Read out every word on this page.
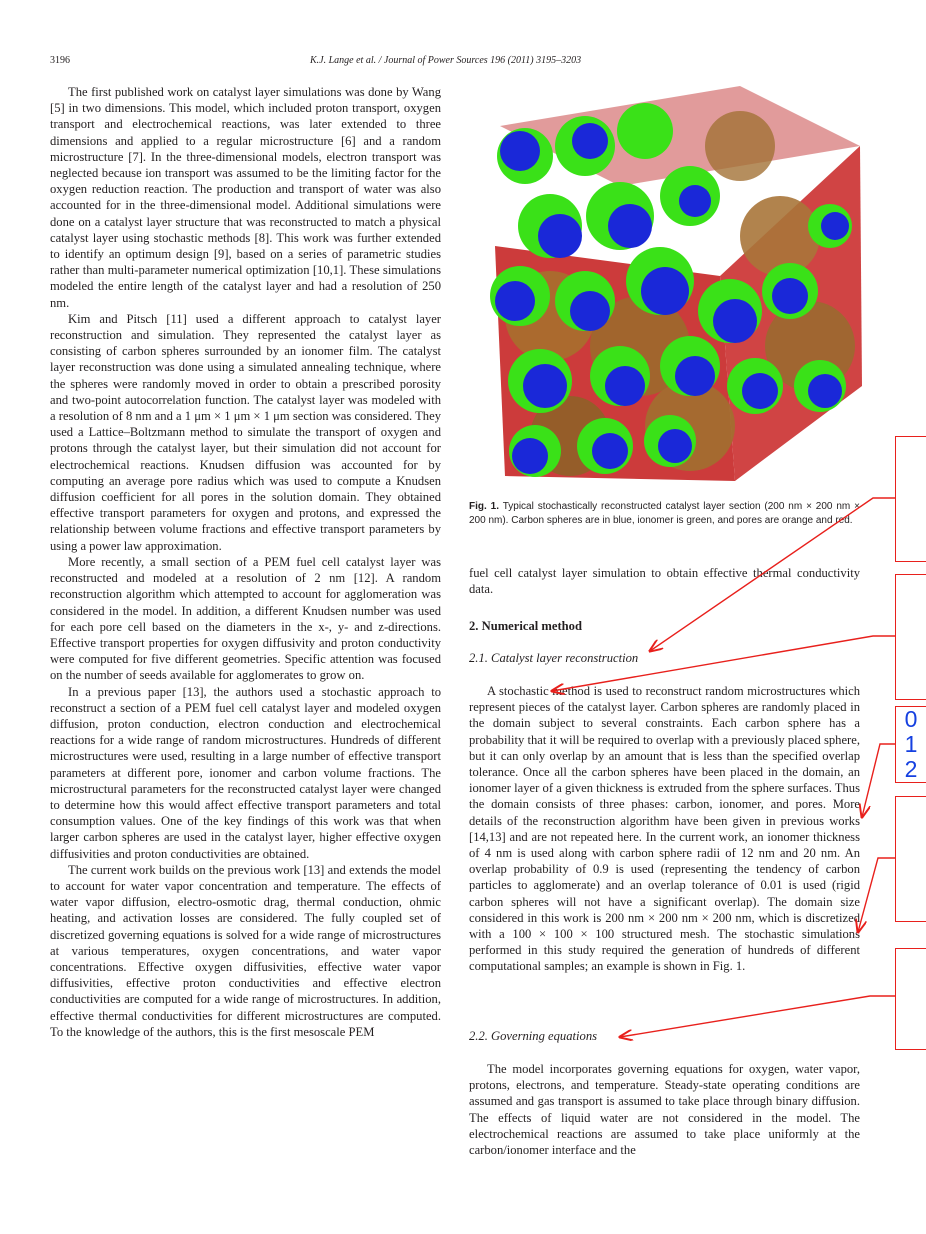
3196	K.J. Lange et al. / Journal of Power Sources 196 (2011) 3195–3203

The first published work on catalyst layer simulations was done by Wang [5] in two dimensions. This model, which included proton transport, oxygen transport and electrochemical reactions, was later extended to three dimensions and applied to a regular microstructure [6] and a random microstructure [7]. In the three-dimensional models, electron transport was neglected because ion transport was assumed to be the limiting factor for the oxygen reduction reaction. The production and transport of water was also accounted for in the three-dimensional model. Additional simulations were done on a catalyst layer structure that was reconstructed to match a physical catalyst layer using stochastic methods [8]. This work was further extended to identify an optimum design [9], based on a series of parametric studies rather than multi-parameter numerical optimization [10,1]. These simulations modeled the entire length of the catalyst layer and had a resolution of 250 nm.

Kim and Pitsch [11] used a different approach to catalyst layer reconstruction and simulation. They represented the catalyst layer as consisting of carbon spheres surrounded by an ionomer film. The catalyst layer reconstruction was done using a simulated annealing technique, where the spheres were randomly moved in order to obtain a prescribed porosity and two-point autocorrelation function. The catalyst layer was modeled with a resolution of 8 nm and a 1 μm × 1 μm × 1 μm section was considered. They used a Lattice–Boltzmann method to simulate the transport of oxygen and protons through the catalyst layer, but their simulation did not account for electrochemical reactions. Knudsen diffusion was accounted for by computing an average pore radius which was used to compute a Knudsen diffusion coefficient for all pores in the solution domain. They obtained effective transport parameters for oxygen and protons, and expressed the relationship between volume fractions and effective transport parameters by using a power law approximation.

More recently, a small section of a PEM fuel cell catalyst layer was reconstructed and modeled at a resolution of 2 nm [12]. A random reconstruction algorithm which attempted to account for agglomeration was considered in the model. In addition, a different Knudsen number was used for each pore cell based on the diameters in the x-, y- and z-directions. Effective transport properties for oxygen diffusivity and proton conductivity were computed for five different geometries. Specific attention was focused on the number of seeds available for agglomerates to grow on.

In a previous paper [13], the authors used a stochastic approach to reconstruct a section of a PEM fuel cell catalyst layer and modeled oxygen diffusion, proton conduction, electron conduction and electrochemical reactions for a wide range of random microstructures. Hundreds of different microstructures were used, resulting in a large number of effective transport parameters at different pore, ionomer and carbon volume fractions. The microstructural parameters for the reconstructed catalyst layer were changed to determine how this would affect effective transport parameters and total consumption values. One of the key findings of this work was that when larger carbon spheres are used in the catalyst layer, higher effective oxygen diffusivities and proton conductivities are obtained.

The current work builds on the previous work [13] and extends the model to account for water vapor concentration and temperature. The effects of water vapor diffusion, electro-osmotic drag, thermal conduction, ohmic heating, and activation losses are considered. The fully coupled set of discretized governing equations is solved for a wide range of microstructures at various temperatures, oxygen concentrations, and water vapor concentrations. Effective oxygen diffusivities, effective water vapor diffusivities, effective proton conductivities and effective electron conductivities are computed for a wide range of microstructures. In addition, effective thermal conductivities for different microstructures are computed. To the knowledge of the authors, this is the first mesoscale PEM

Fig. 1. Typical stochastically reconstructed catalyst layer section (200 nm × 200 nm × 200 nm). Carbon spheres are in blue, ionomer is green, and pores are orange and red.

fuel cell catalyst layer simulation to obtain effective thermal conductivity data.

2. Numerical method
2.1. Catalyst layer reconstruction

A stochastic method is used to reconstruct random microstructures which represent pieces of the catalyst layer. Carbon spheres are randomly placed in the domain subject to several constraints. Each carbon sphere has a probability that it will be required to overlap with a previously placed sphere, but it can only overlap by an amount that is less than the specified overlap tolerance. Once all the carbon spheres have been placed in the domain, an ionomer layer of a given thickness is extruded from the sphere surfaces. Thus the domain consists of three phases: carbon, ionomer, and pores. More details of the reconstruction algorithm have been given in previous works [14,13] and are not repeated here. In the current work, an ionomer thickness of 4 nm is used along with carbon sphere radii of 12 nm and 20 nm. An overlap probability of 0.9 is used (representing the tendency of carbon particles to agglomerate) and an overlap tolerance of 0.01 is used (rigid carbon spheres will not have a significant overlap). The domain size considered in this work is 200 nm × 200 nm × 200 nm, which is discretized with a 100 × 100 × 100 structured mesh. The stochastic simulations performed in this study required the generation of hundreds of different computational samples; an example is shown in Fig. 1.

2.2. Governing equations

The model incorporates governing equations for oxygen, water vapor, protons, electrons, and temperature. Steady-state operating conditions are assumed and gas transport is assumed to take place through binary diffusion. The effects of liquid water are not considered in the model. The electrochemical reactions are assumed to take place uniformly at the carbon/ionomer interface and the

0
1
2
